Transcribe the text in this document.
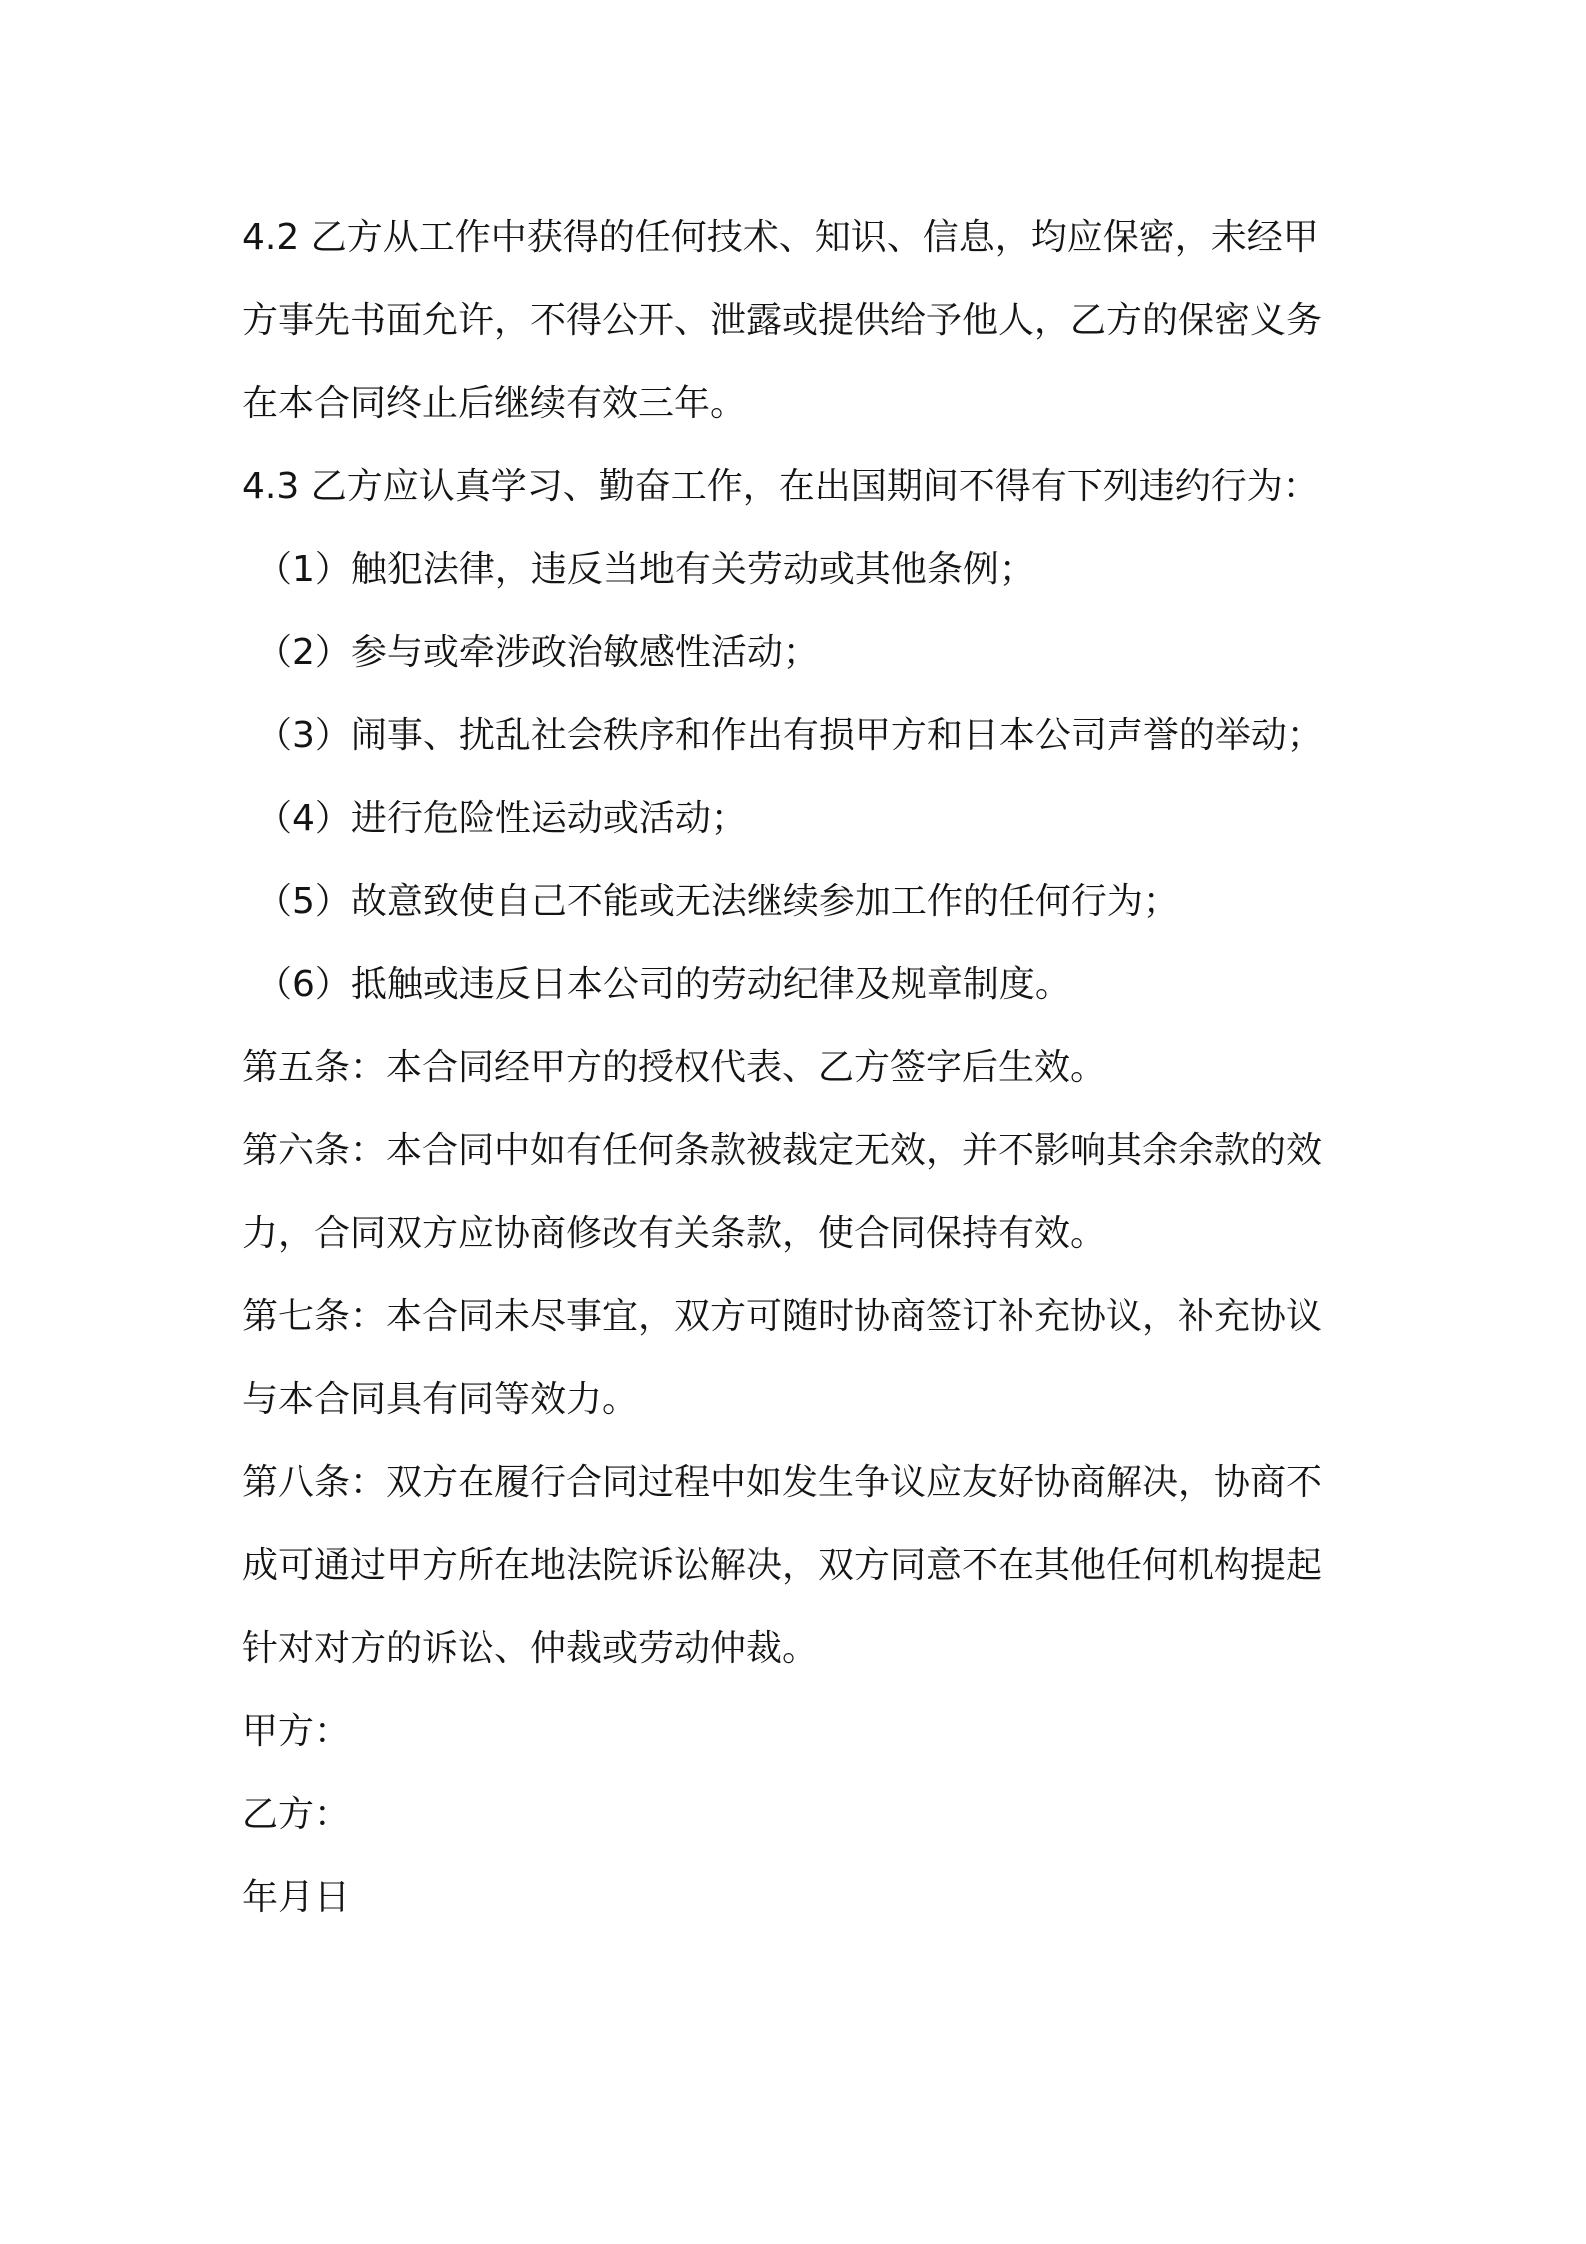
4.2 乙方从工作中获得的任何技术、知识、信息，均应保密，未经甲

方事先书面允许，不得公开、泄露或提供给予他人，乙方的保密义务

在本合同终止后继续有效三年。

4.3 乙方应认真学习、勤奋工作，在出国期间不得有下列违约行为：

（1）触犯法律，违反当地有关劳动或其他条例；

（2）参与或牵涉政治敏感性活动；

（3）闹事、扰乱社会秩序和作出有损甲方和日本公司声誉的举动；

（4）进行危险性运动或活动；

（5）故意致使自己不能或无法继续参加工作的任何行为；

（6）抵触或违反日本公司的劳动纪律及规章制度。

第五条：本合同经甲方的授权代表、乙方签字后生效。

第六条：本合同中如有任何条款被裁定无效，并不影响其余余款的效

力，合同双方应协商修改有关条款，使合同保持有效。

第七条：本合同未尽事宜，双方可随时协商签订补充协议，补充协议

与本合同具有同等效力。

第八条：双方在履行合同过程中如发生争议应友好协商解决，协商不

成可通过甲方所在地法院诉讼解决，双方同意不在其他任何机构提起

针对对方的诉讼、仲裁或劳动仲裁。

甲方：

乙方：

年月日
